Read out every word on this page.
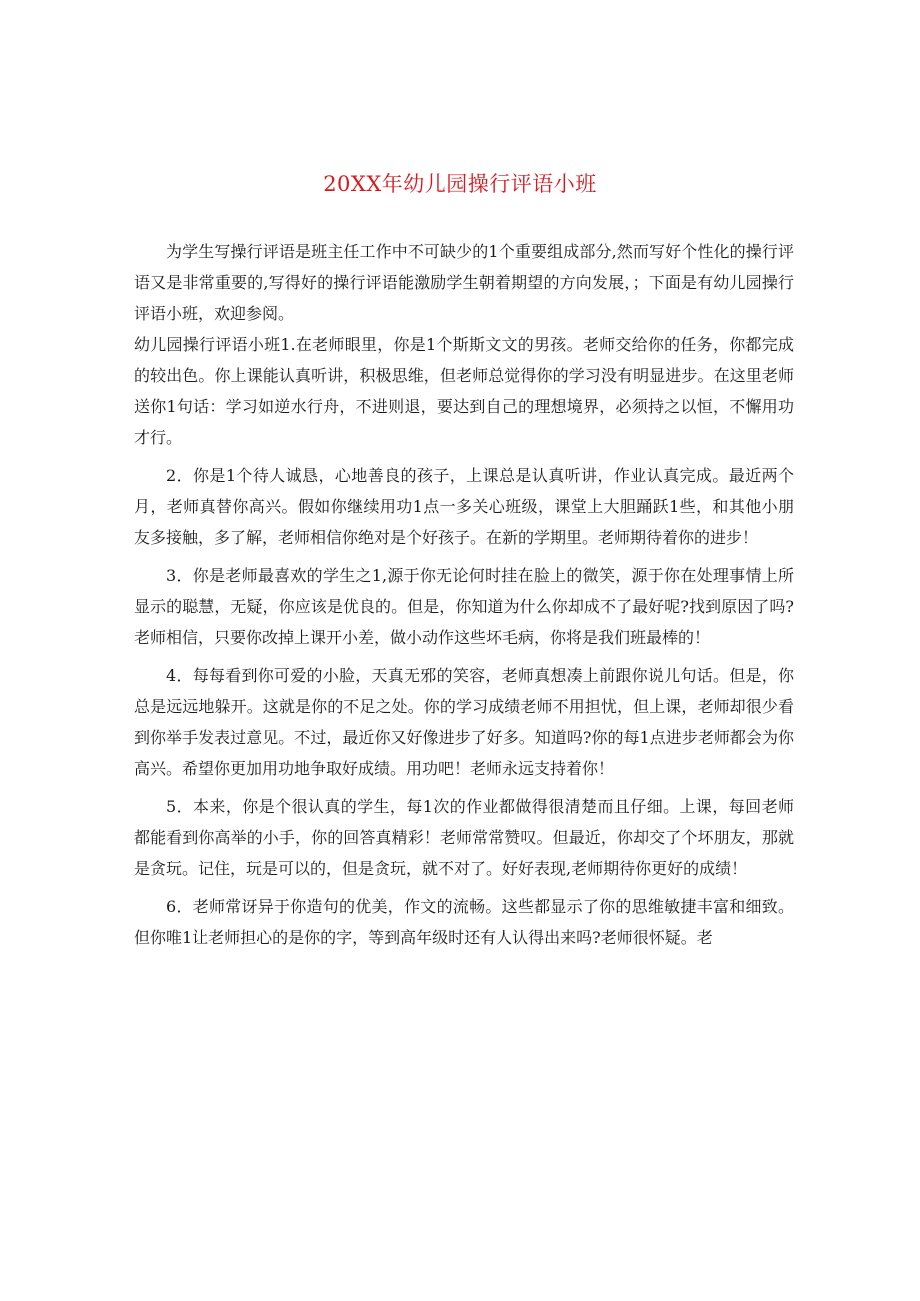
20XX年幼儿园操行评语小班

为学生写操行评语是班主任工作中不可缺少的1个重要组成部分,然而写好个性化的操行评语又是非常重要的,写得好的操行评语能激励学生朝着期望的方向发展，；下面是有幼儿园操行评语小班，欢迎参阅。

幼儿园操行评语小班1.在老师眼里，你是1个斯斯文文的男孩。老师交给你的任务，你都完成的较出色。你上课能认真听讲，积极思维，但老师总觉得你的学习没有明显进步。在这里老师送你1句话：学习如逆水行舟，不进则退，要达到自己的理想境界，必须持之以恒，不懈用功才行。

2．你是1个待人诚恳，心地善良的孩子，上课总是认真听讲，作业认真完成。最近两个月，老师真替你高兴。假如你继续用功1点一多关心班级，课堂上大胆踊跃1些，和其他小朋友多接触，多了解，老师相信你绝对是个好孩子。在新的学期里。老师期待着你的进步！

3．你是老师最喜欢的学生之1,源于你无论何时挂在脸上的微笑，源于你在处理事情上所显示的聪慧，无疑，你应该是优良的。但是，你知道为什么你却成不了最好呢?找到原因了吗?老师相信，只要你改掉上课开小差，做小动作这些坏毛病，你将是我们班最棒的！

4．每每看到你可爱的小脸，天真无邪的笑容，老师真想凑上前跟你说儿句话。但是，你总是远远地躲开。这就是你的不足之处。你的学习成绩老师不用担忧，但上课，老师却很少看到你举手发表过意见。不过，最近你又好像进步了好多。知道吗?你的每1点进步老师都会为你高兴。希望你更加用功地争取好成绩。用功吧！老师永远支持着你！

5．本来，你是个很认真的学生，每1次的作业都做得很清楚而且仔细。上课，每回老师都能看到你高举的小手，你的回答真精彩！老师常常赞叹。但最近，你却交了个坏朋友，那就是贪玩。记住，玩是可以的，但是贪玩，就不对了。好好表现,老师期待你更好的成绩！

6．老师常讶异于你造句的优美，作文的流畅。这些都显示了你的思维敏捷丰富和细致。但你唯1让老师担心的是你的字，等到高年级时还有人认得出来吗?老师很怀疑。老
